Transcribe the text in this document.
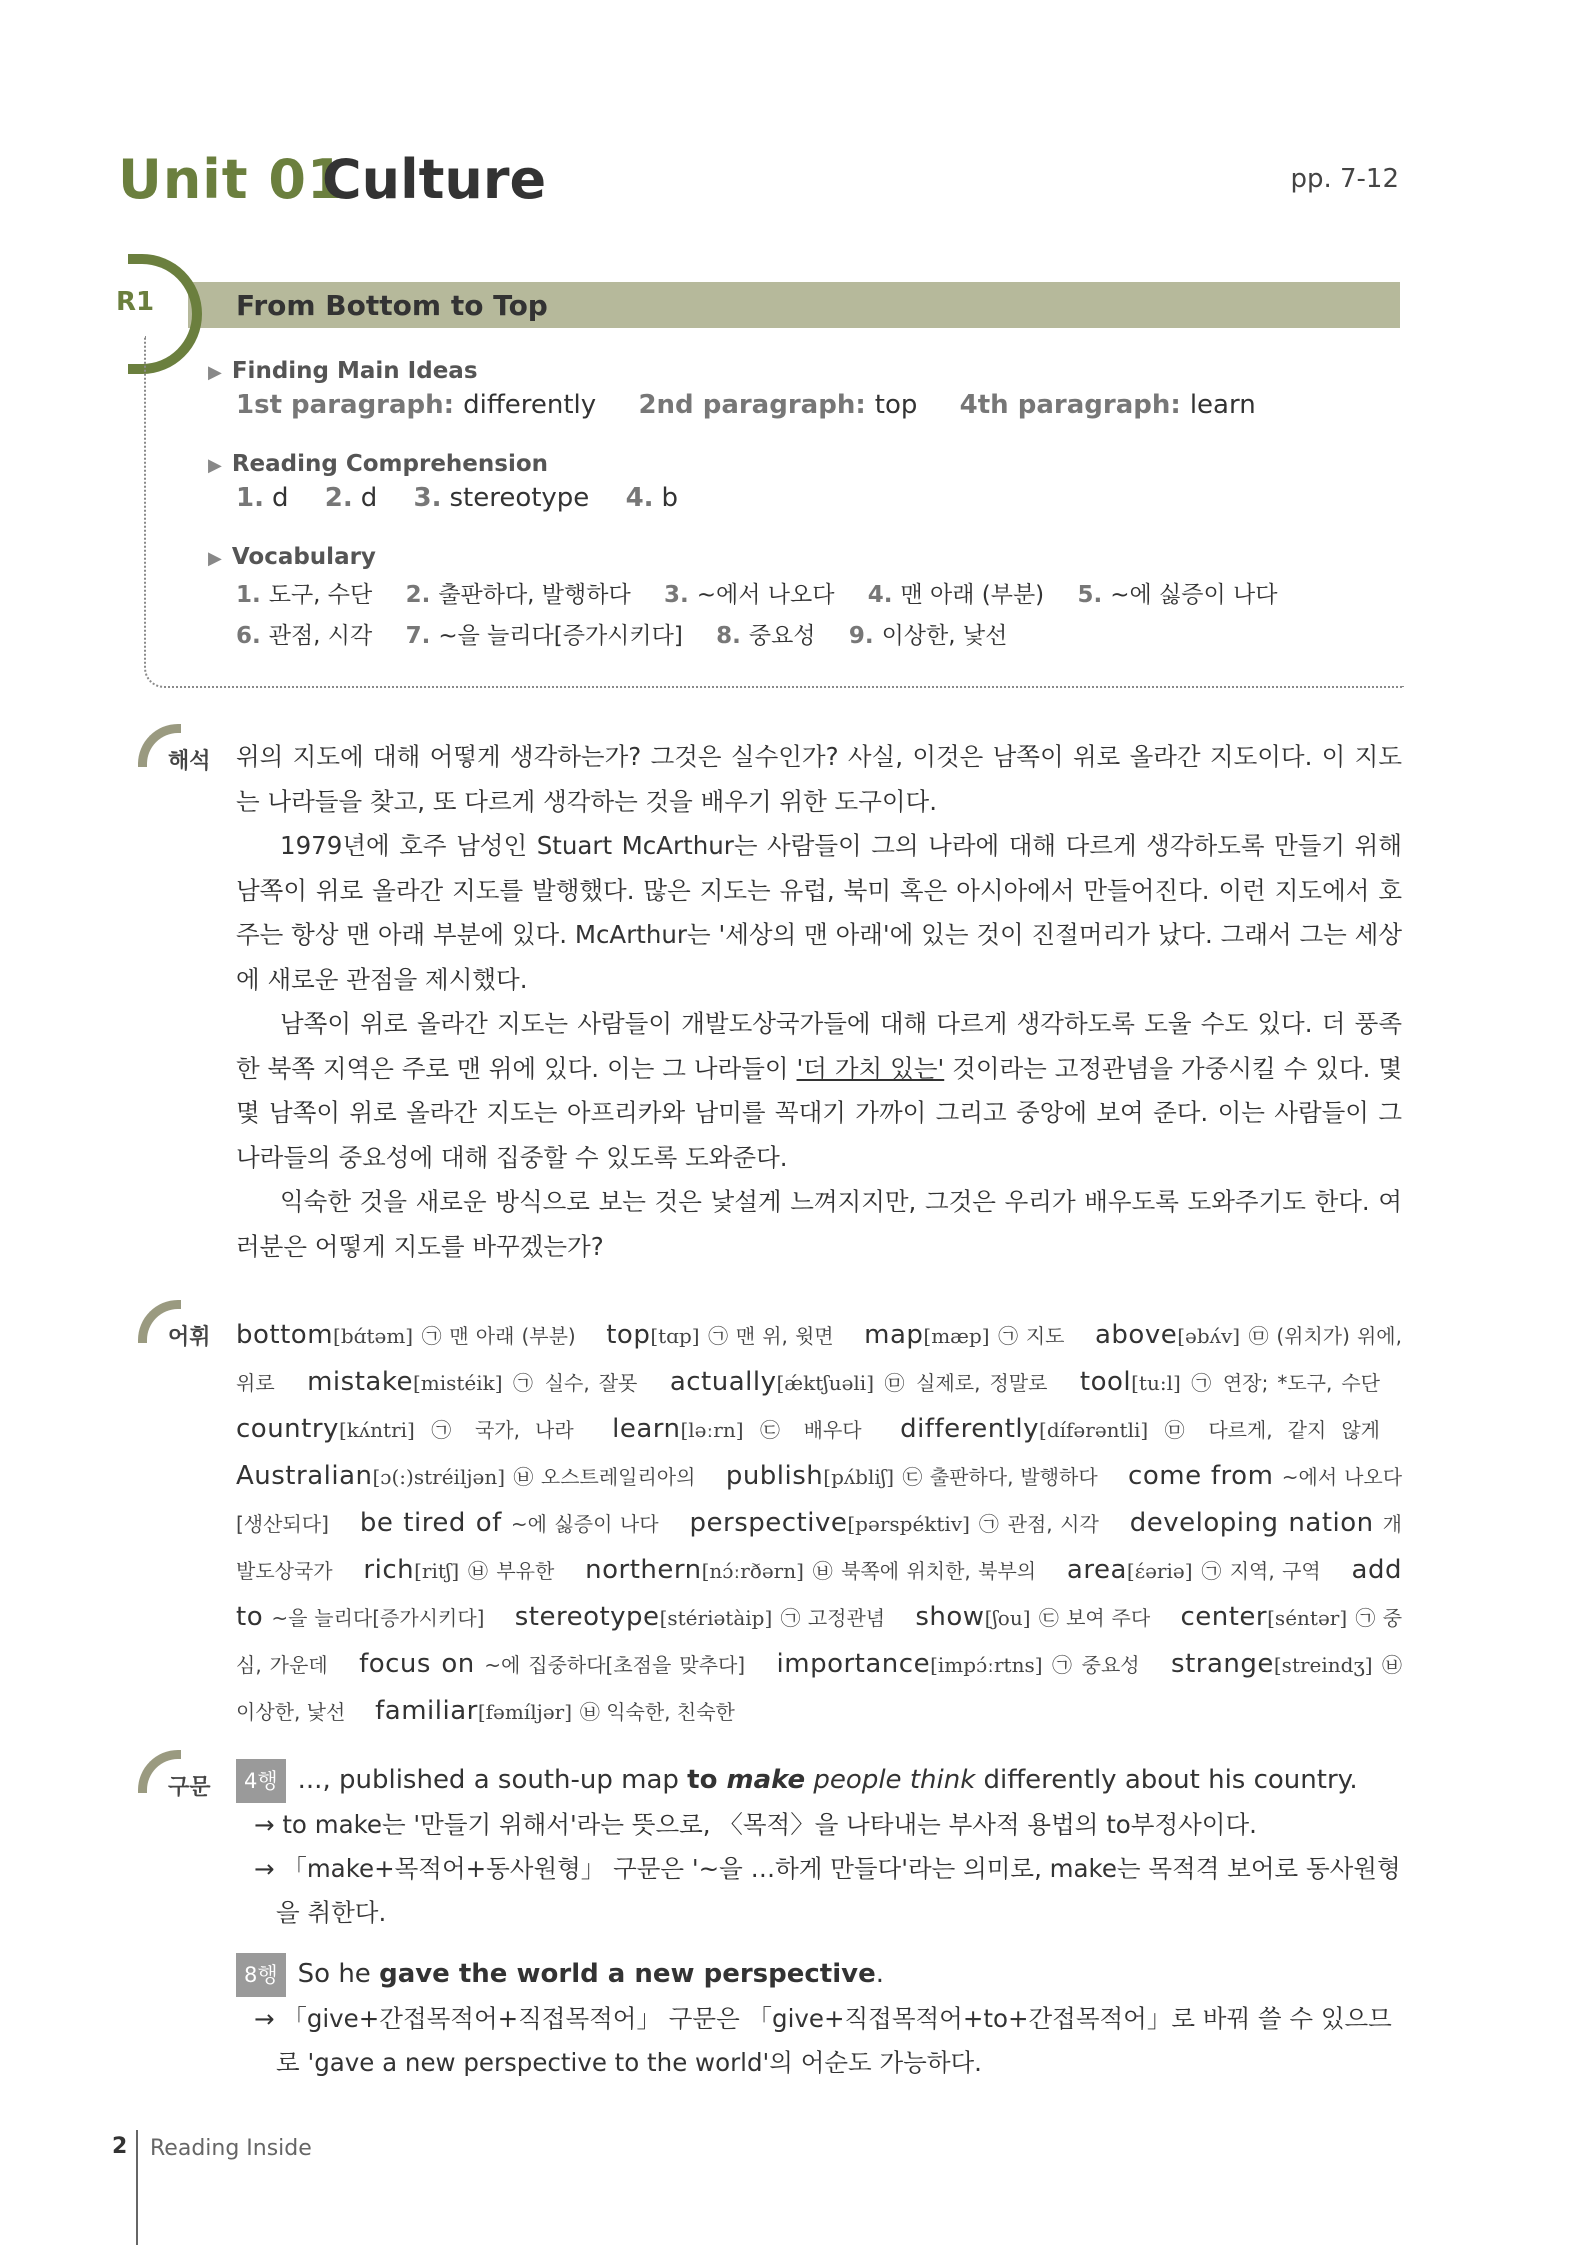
Unit 01
Culture	pp. 7-12
R1	From Bottom to Top
▶ Finding Main Ideas
1st paragraph: differently 2nd paragraph: top 4th paragraph: learn
▶ Reading Comprehension
1. d 2. d 3. stereotype 4. b
▶ Vocabulary
1. 도구, 수단 2. 출판하다, 발행하다 3. ~에서 나오다 4. 맨 아래 (부분) 5. ~에 싫증이 나다
6. 관점, 시각 7. ~을 늘리다[증가시키다] 8. 중요성 9. 이상한, 낯선
해석 위의 지도에 대해 어떻게 생각하는가? 그것은 실수인가? 사실, 이것은 남쪽이 위로 올라간 지도이다. 이 지도는 나라들을 찾고, 또 다르게 생각하는 것을 배우기 위한 도구이다.

1979년에 호주 남성인 Stuart McArthur는 사람들이 그의 나라에 대해 다르게 생각하도록 만들기 위해 남쪽이 위로 올라간 지도를 발행했다. 많은 지도는 유럽, 북미 혹은 아시아에서 만들어진다. 이런 지도에서 호주는 항상 맨 아래 부분에 있다. McArthur는 '세상의 맨 아래'에 있는 것이 진절머리가 났다. 그래서 그는 세상에 새로운 관점을 제시했다.

남쪽이 위로 올라간 지도는 사람들이 개발도상국가들에 대해 다르게 생각하도록 도울 수도 있다. 더 풍족한 북쪽 지역은 주로 맨 위에 있다. 이는 그 나라들이 '더 가치 있는' 것이라는 고정관념을 가중시킬 수 있다. 몇몇 남쪽이 위로 올라간 지도는 아프리카와 남미를 꼭대기 가까이 그리고 중앙에 보여 준다. 이는 사람들이 그 나라들의 중요성에 대해 집중할 수 있도록 도와준다.

익숙한 것을 새로운 방식으로 보는 것은 낯설게 느껴지지만, 그것은 우리가 배우도록 도와주기도 한다. 여러분은 어떻게 지도를 바꾸겠는가?

어휘 bottom[bɑ́təm] ㉠ 맨 아래 (부분) top[tɑp] ㉠ 맨 위, 윗면 map[mæp] ㉠ 지도 above[əbʌ́v] ㉤ (위치가) 위에, 위로 mistake[mistéik] ㉠ 실수, 잘못 actually[ǽktʃuəli] ㉤ 실제로, 정말로 tool[tu:l] ㉠ 연장; *도구, 수단 country[kʌ́ntri] ㉠ 국가, 나라 learn[ləːrn] ㉢ 배우다 differently[dífərəntli] ㉤ 다르게, 같지 않게 Australian[ɔ(:)stréiljən] ㉥ 오스트레일리아의 publish[pʌ́bliʃ] ㉢ 출판하다, 발행하다 come from ~에서 나오다[생산되다] be tired of ~에 싫증이 나다 perspective[pərspéktiv] ㉠ 관점, 시각 developing nation 개발도상국가 rich[ritʃ] ㉥ 부유한 northern[nɔ́ːrðərn] ㉥ 북쪽에 위치한, 북부의 area[ɛ́əriə] ㉠ 지역, 구역 add to ~을 늘리다[증가시키다] stereotype[stériətàip] ㉠ 고정관념 show[ʃou] ㉢ 보여 주다 center[séntər] ㉠ 중심, 가운데 focus on ~에 집중하다[초점을 맞추다] importance[impɔ́ːrtns] ㉠ 중요성 strange[streindʒ] ㉥ 이상한, 낯선 familiar[fəmíljər] ㉥ 익숙한, 친숙한
구문	4행 ..., published a south-up map to make people think differently about his country.
→ to make는 '만들기 위해서'라는 뜻으로, 〈목적〉을 나타내는 부사적 용법의 to부정사이다.
→ 「make+목적어+동사원형」 구문은 '~을 …하게 만들다'라는 의미로, make는 목적격 보어로 동사원형을 취한다.
8행 So he gave the world a new perspective.
→ 「give+간접목적어+직접목적어」 구문은 「give+직접목적어+to+간접목적어」로 바꿔 쓸 수 있으므로 'gave a new perspective to the world'의 어순도 가능하다.
2 Reading Inside
